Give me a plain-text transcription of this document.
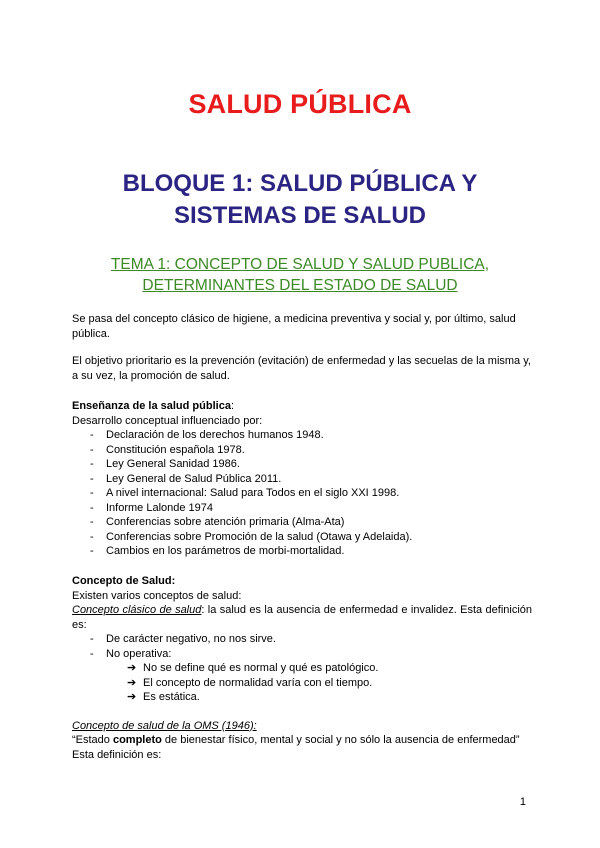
SALUD PÚBLICA
BLOQUE 1: SALUD PÚBLICA Y SISTEMAS DE SALUD
TEMA 1: CONCEPTO DE SALUD Y SALUD PUBLICA, DETERMINANTES DEL ESTADO DE SALUD
Se pasa del concepto clásico de higiene, a medicina preventiva y social y, por último, salud pública.
El objetivo prioritario es la prevención (evitación) de enfermedad y las secuelas de la misma y, a su vez, la promoción de salud.
Enseñanza de la salud pública:
Desarrollo conceptual influenciado por:
- Declaración de los derechos humanos 1948.
- Constitución española 1978.
- Ley General Sanidad 1986.
- Ley General de Salud Pública 2011.
- A nivel internacional: Salud para Todos en el siglo XXI 1998.
- Informe Lalonde 1974
- Conferencias sobre atención primaria (Alma-Ata)
- Conferencias sobre Promoción de la salud (Otawa y Adelaida).
- Cambios en los parámetros de morbi-mortalidad.
Concepto de Salud:
Existen varios conceptos de salud:
Concepto clásico de salud: la salud es la ausencia de enfermedad e invalidez. Esta definición es:
- De carácter negativo, no nos sirve.
- No operativa:
➔ No se define qué es normal y qué es patológico.
➔ El concepto de normalidad varía con el tiempo.
➔ Es estática.
Concepto de salud de la OMS (1946):
“Estado completo de bienestar físico, mental y social y no sólo la ausencia de enfermedad”
Esta definición es:
1
